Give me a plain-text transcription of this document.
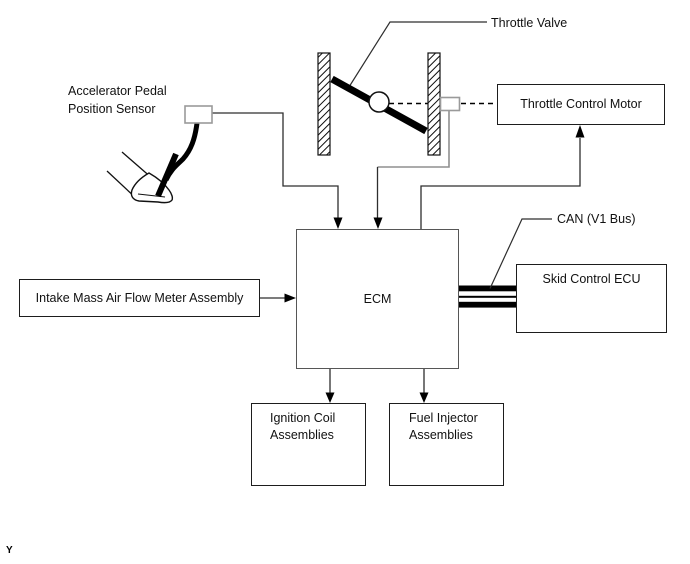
Throttle Control Motor
Skid Control ECU
Intake Mass Air Flow Meter Assembly	ECM
Ignition Coil
Assemblies
Fuel Injector
Assemblies
Throttle Valve
Accelerator Pedal
Position Sensor
CAN (V1 Bus)
Y
